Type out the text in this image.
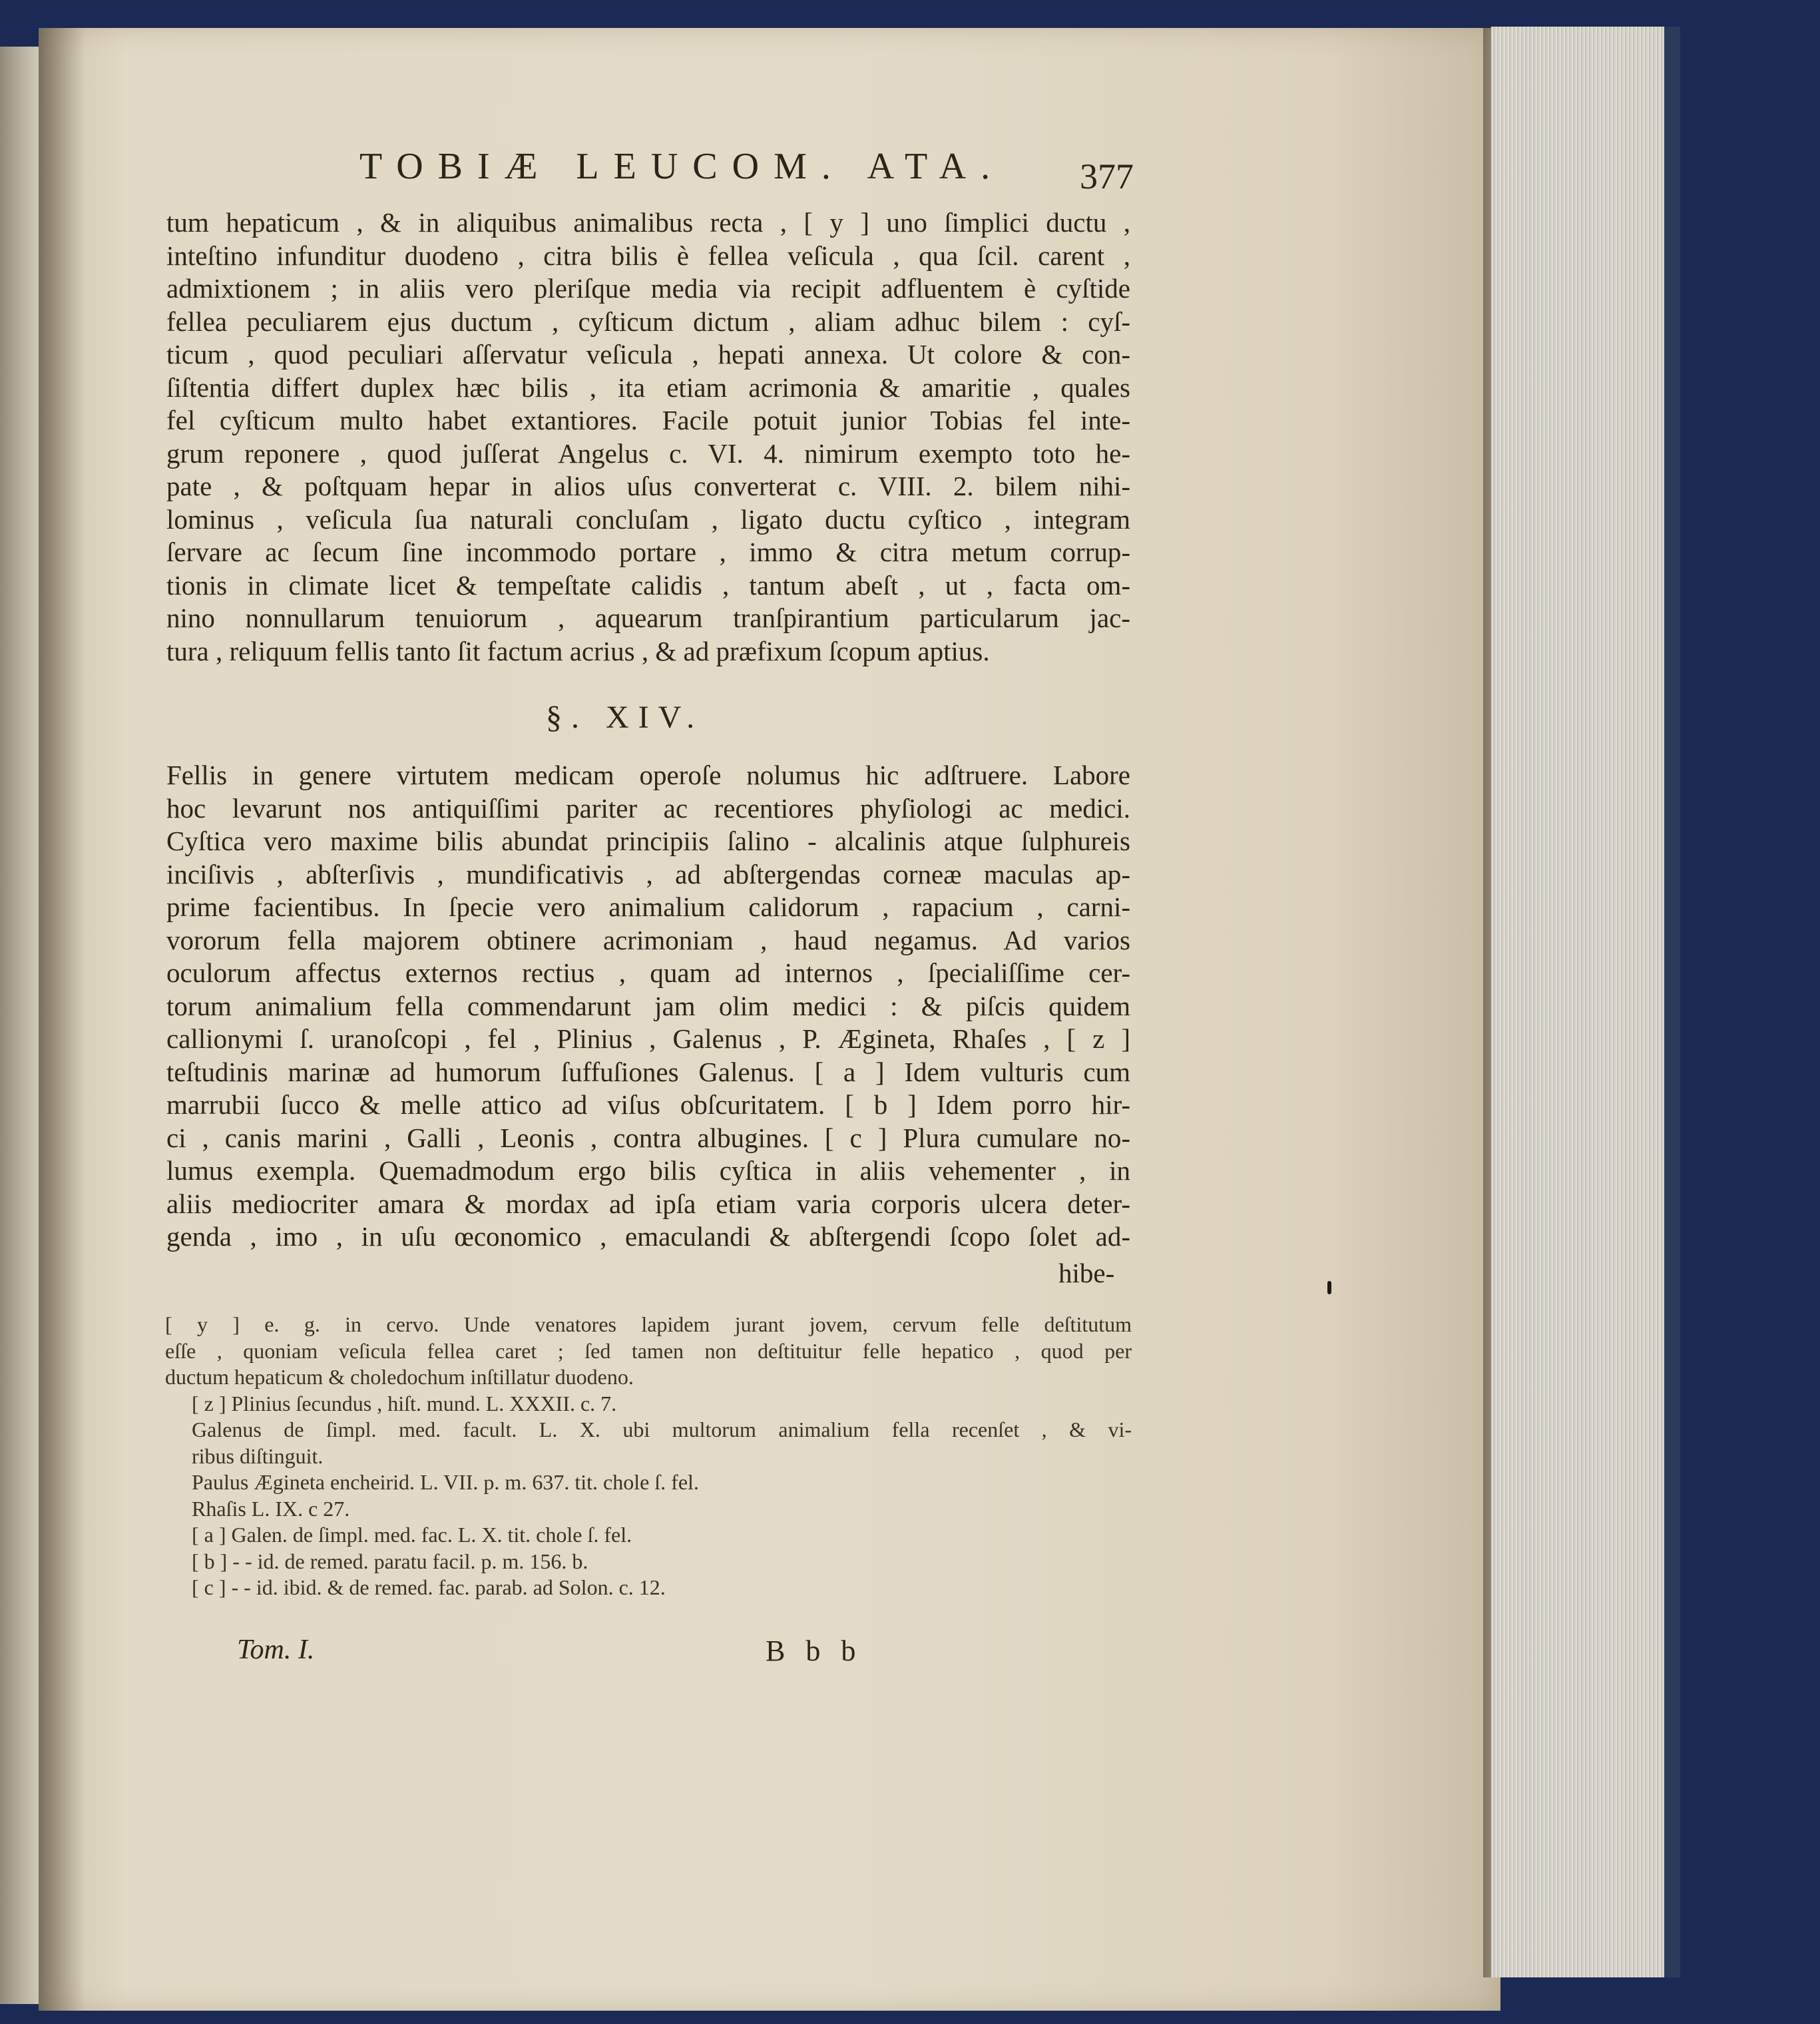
TOBIÆ LEUCOM. ATA.	377
tum hepaticum , & in aliquibus animalibus recta , [ y ] uno ſimplici ductu ,
inteſtino infunditur duodeno , citra bilis è fellea veſicula , qua ſcil. carent ,
admixtionem ; in aliis vero pleriſque media via recipit adfluentem è cyſtide
fellea peculiarem ejus ductum , cyſticum dictum , aliam adhuc bilem : cyſ-
ticum , quod peculiari aſſervatur veſicula , hepati annexa. Ut colore & con-
ſiſtentia differt duplex hæc bilis , ita etiam acrimonia & amaritie , quales
fel cyſticum multo habet extantiores. Facile potuit junior Tobias fel inte-
grum reponere , quod juſſerat Angelus c. VI. 4. nimirum exempto toto he-
pate , & poſtquam hepar in alios uſus converterat c. VIII. 2. bilem nihi-
lominus , veſicula ſua naturali concluſam , ligato ductu cyſtico , integram
ſervare ac ſecum ſine incommodo portare , immo & citra metum corrup-
tionis in climate licet & tempeſtate calidis , tantum abeſt , ut , facta om-
nino nonnullarum tenuiorum , aquearum tranſpirantium particularum jac-
tura , reliquum fellis tanto ſit factum acrius , & ad præfixum ſcopum aptius.
§. XIV.
Fellis in genere virtutem medicam operoſe nolumus hic adſtruere. Labore
hoc levarunt nos antiquiſſimi pariter ac recentiores phyſiologi ac medici.
Cyſtica vero maxime bilis abundat principiis ſalino - alcalinis atque ſulphureis
inciſivis , abſterſivis , mundificativis , ad abſtergendas corneæ maculas ap-
prime facientibus. In ſpecie vero animalium calidorum , rapacium , carni-
vororum fella majorem obtinere acrimoniam , haud negamus. Ad varios
oculorum affectus externos rectius , quam ad internos , ſpecialiſſime cer-
torum animalium fella commendarunt jam olim medici : & piſcis quidem
callionymi ſ. uranoſcopi , fel , Plinius , Galenus , P. Ægineta, Rhaſes , [ z ]
teſtudinis marinæ ad humorum ſuffuſiones Galenus. [ a ] Idem vulturis cum
marrubii ſucco & melle attico ad viſus obſcuritatem. [ b ] Idem porro hir-
ci , canis marini , Galli , Leonis , contra albugines. [ c ] Plura cumulare no-
lumus exempla. Quemadmodum ergo bilis cyſtica in aliis vehementer , in
aliis mediocriter amara & mordax ad ipſa etiam varia corporis ulcera deter-
genda , imo , in uſu œconomico , emaculandi & abſtergendi ſcopo ſolet ad-
hibe-
[ y ] e. g. in cervo. Unde venatores lapidem jurant jovem, cervum felle deſtitutum
eſſe , quoniam veſicula fellea caret ; ſed tamen non deſtituitur felle hepatico , quod per
ductum hepaticum & choledochum inſtillatur duodeno.
[ z ] Plinius ſecundus , hiſt. mund. L. XXXII. c. 7.
Galenus de ſimpl. med. facult. L. X. ubi multorum animalium fella recenſet , & vi-
ribus diſtinguit.
Paulus Ægineta encheirid. L. VII. p. m. 637. tit. chole ſ. fel.
Rhaſis L. IX. c 27.
[ a ] Galen. de ſimpl. med. fac. L. X. tit. chole ſ. fel.
[ b ] - - id. de remed. paratu facil. p. m. 156. b.
[ c ] - - id. ibid. & de remed. fac. parab. ad Solon. c. 12.
Tom. I.	B b b
